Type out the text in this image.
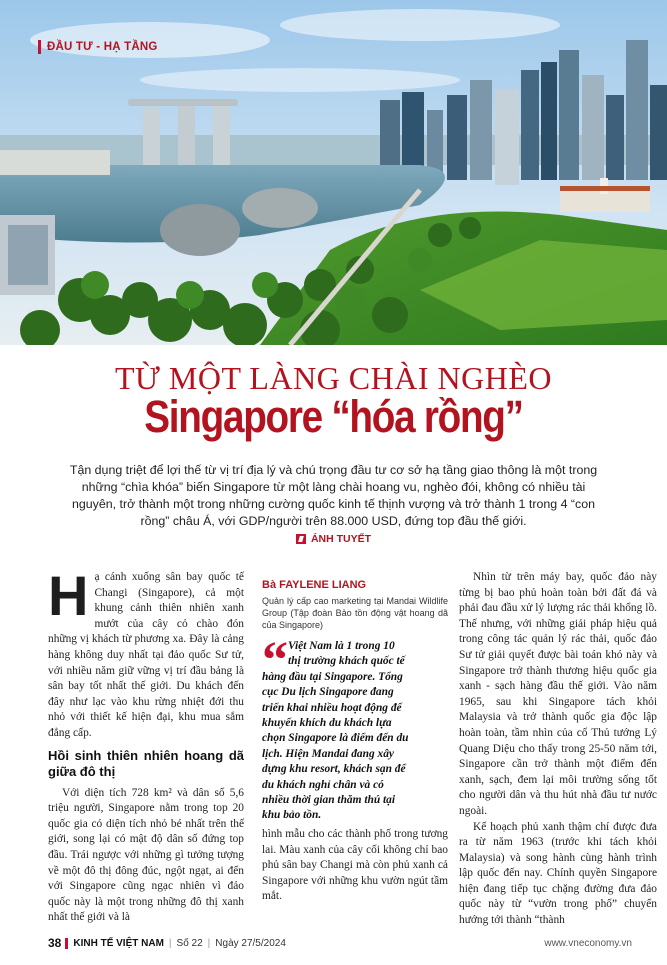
ĐẦU TƯ - HẠ TẦNG
TỪ MỘT LÀNG CHÀI NGHÈO
Singapore “hóa rồng”
Tận dụng triệt để lợi thế từ vị trí địa lý và chú trọng đầu tư cơ sở hạ tầng giao thông là một trong những “chìa khóa” biến Singapore từ một làng chài hoang vu, nghèo đói, không có nhiều tài nguyên, trở thành một trong những cường quốc kinh tế thịnh vượng và trở thành 1 trong 4 “con rồng” châu Á, với GDP/người trên 88.000 USD, đứng top đầu thế giới.
ÁNH TUYẾT

Hạ cánh xuống sân bay quốc tế Changi (Singapore), cả một khung cảnh thiên nhiên xanh mướt của cây cỏ chào đón những vị khách từ phương xa. Đây là cảng hàng không duy nhất tại đảo quốc Sư tử, với nhiều năm giữ vững vị trí đầu bảng là sân bay tốt nhất thế giới. Du khách đến đây như lạc vào khu rừng nhiệt đới thu nhỏ với thiết kế hiện đại, khu mua sắm đẳng cấp.

Hồi sinh thiên nhiên hoang dã giữa đô thị

Với diện tích 728 km² và dân số 5,6 triệu người, Singapore nằm trong top 20 quốc gia có diện tích nhỏ bé nhất trên thế giới, song lại có mật độ dân số đứng top đầu. Trái ngược với những gì tưởng tượng về một đô thị đông đúc, ngột ngạt, ai đến với Singapore cũng ngạc nhiên vì đảo quốc này là một trong những đô thị xanh nhất thế giới và là

Bà FAYLENE LIANG
Quản lý cấp cao marketing tại Mandai Wildlife Group (Tập đoàn Bảo tồn động vật hoang dã của Singapore)
“ Việt Nam là 1 trong 10
thị trường khách quốc tế
hàng đầu tại Singapore. Tổng
cục Du lịch Singapore đang
triển khai nhiều hoạt động để
khuyến khích du khách lựa
chọn Singapore là điểm đến du
lịch. Hiện Mandai đang xây
dựng khu resort, khách sạn để
du khách nghỉ chân và có
nhiều thời gian thăm thú tại
khu bảo tồn.

hình mẫu cho các thành phố trong tương lai. Màu xanh của cây cối không chỉ bao phủ sân bay Changi mà còn phủ xanh cả Singapore với những khu vườn ngút tầm mắt.

Nhìn từ trên máy bay, quốc đảo này từng bị bao phủ hoàn toàn bởi đất đá và phải đau đầu xử lý lượng rác thải khổng lồ. Thế nhưng, với những giải pháp hiệu quả trong công tác quản lý rác thải, quốc đảo Sư tử giải quyết được bài toán khó này và Singapore trở thành thương hiệu quốc gia xanh - sạch hàng đầu thế giới. Vào năm 1965, sau khi Singapore tách khỏi Malaysia và trở thành quốc gia độc lập hoàn toàn, tầm nhìn của cố Thủ tướng Lý Quang Diệu cho thấy trong 25-50 năm tới, Singapore cần trở thành một điểm đến xanh, sạch, đem lại môi trường sống tốt cho người dân và thu hút nhà đầu tư nước ngoài.

Kế hoạch phủ xanh thậm chí được đưa ra từ năm 1963 (trước khi tách khỏi Malaysia) và song hành cùng hành trình lập quốc đến nay. Chính quyền Singapore hiện đang tiếp tục chặng đường đưa đảo quốc này từ “vườn trong phố” chuyển hướng tới thành “thành

38 KINH TẾ VIỆT NAM | Số 22 | Ngày 27/5/2024	www.vneconomy.vn
